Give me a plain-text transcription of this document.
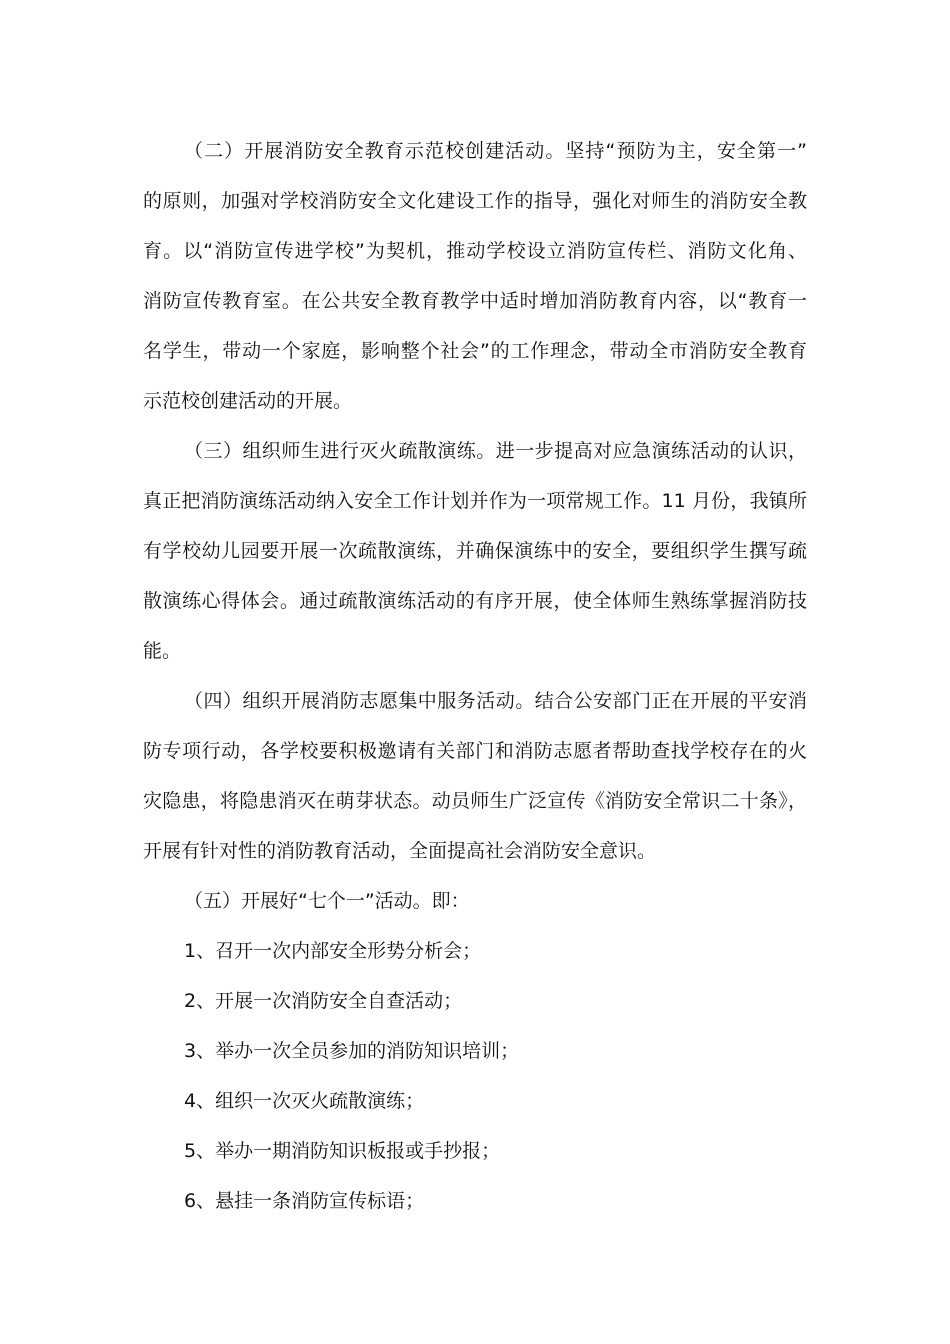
（二）开展消防安全教育示范校创建活动。坚持“预防为主，安全第一”
的原则，加强对学校消防安全文化建设工作的指导，强化对师生的消防安全教
育。以“消防宣传进学校”为契机，推动学校设立消防宣传栏、消防文化角、
消防宣传教育室。在公共安全教育教学中适时增加消防教育内容，以“教育一
名学生，带动一个家庭，影响整个社会”的工作理念，带动全市消防安全教育
示范校创建活动的开展。
（三）组织师生进行灭火疏散演练。进一步提高对应急演练活动的认识，
真正把消防演练活动纳入安全工作计划并作为一项常规工作。11 月份，我镇所
有学校幼儿园要开展一次疏散演练，并确保演练中的安全，要组织学生撰写疏
散演练心得体会。通过疏散演练活动的有序开展，使全体师生熟练掌握消防技
能。
（四）组织开展消防志愿集中服务活动。结合公安部门正在开展的平安消
防专项行动，各学校要积极邀请有关部门和消防志愿者帮助查找学校存在的火
灾隐患，将隐患消灭在萌芽状态。动员师生广泛宣传《消防安全常识二十条》，
开展有针对性的消防教育活动，全面提高社会消防安全意识。
（五）开展好“七个一”活动。即：
1、召开一次内部安全形势分析会；
2、开展一次消防安全自查活动；
3、举办一次全员参加的消防知识培训；
4、组织一次灭火疏散演练；
5、举办一期消防知识板报或手抄报；
6、悬挂一条消防宣传标语；
